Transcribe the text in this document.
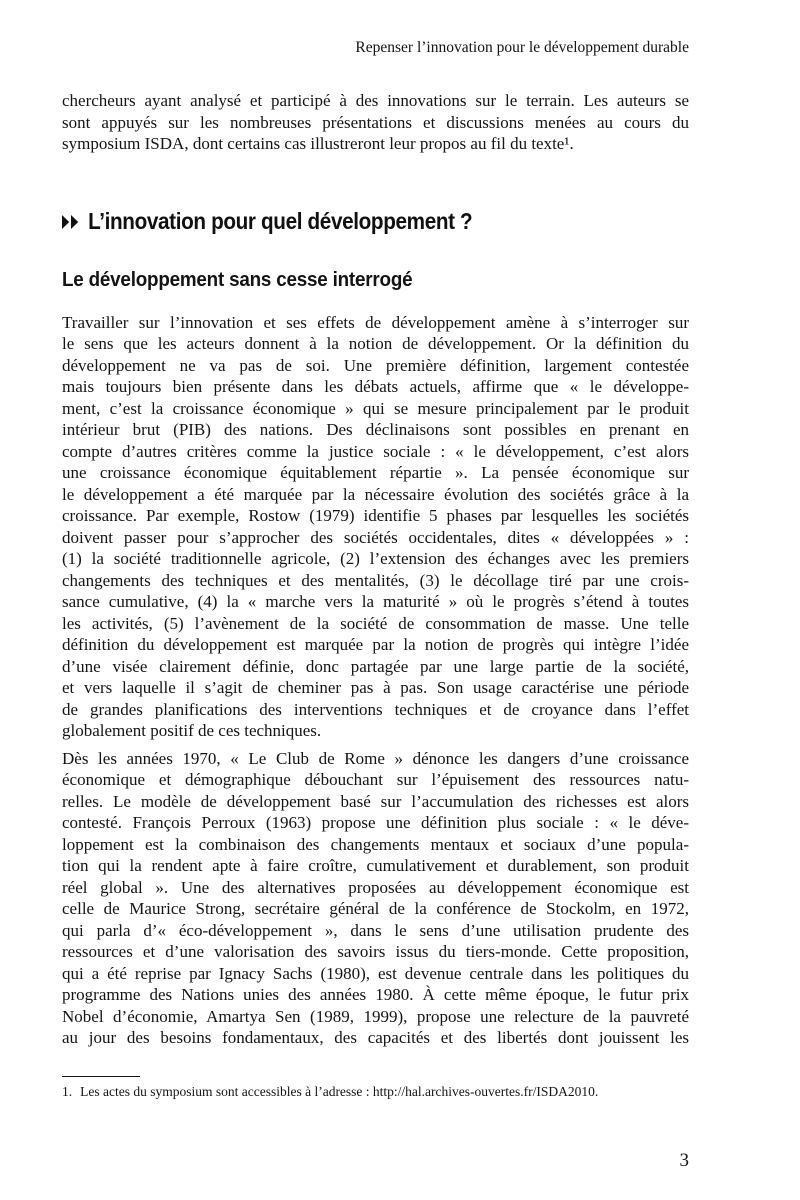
Repenser l’innovation pour le développement durable

chercheurs ayant analysé et participé à des innovations sur le terrain. Les auteurs se
sont appuyés sur les nombreuses présentations et discussions menées au cours du
symposium ISDA, dont certains cas illustreront leur propos au fil du texte¹.

L’innovation pour quel développement ?
Le développement sans cesse interrogé

Travailler sur l’innovation et ses effets de développement amène à s’interroger sur
le sens que les acteurs donnent à la notion de développement. Or la définition du
développement ne va pas de soi. Une première définition, largement contestée
mais toujours bien présente dans les débats actuels, affirme que « le développe-
ment, c’est la croissance économique » qui se mesure principalement par le produit
intérieur brut (PIB) des nations. Des déclinaisons sont possibles en prenant en
compte d’autres critères comme la justice sociale : « le développement, c’est alors
une croissance économique équitablement répartie ». La pensée économique sur
le développement a été marquée par la nécessaire évolution des sociétés grâce à la
croissance. Par exemple, Rostow (1979) identifie 5 phases par lesquelles les sociétés
doivent passer pour s’approcher des sociétés occidentales, dites « développées » :
(1) la société traditionnelle agricole, (2) l’extension des échanges avec les premiers
changements des techniques et des mentalités, (3) le décollage tiré par une crois-
sance cumulative, (4) la « marche vers la maturité » où le progrès s’étend à toutes
les activités, (5) l’avènement de la société de consommation de masse. Une telle
définition du développement est marquée par la notion de progrès qui intègre l’idée
d’une visée clairement définie, donc partagée par une large partie de la société,
et vers laquelle il s’agit de cheminer pas à pas. Son usage caractérise une période
de grandes planifications des interventions techniques et de croyance dans l’effet
globalement positif de ces techniques.

Dès les années 1970, « Le Club de Rome » dénonce les dangers d’une croissance
économique et démographique débouchant sur l’épuisement des ressources natu-
relles. Le modèle de développement basé sur l’accumulation des richesses est alors
contesté. François Perroux (1963) propose une définition plus sociale : « le déve-
loppement est la combinaison des changements mentaux et sociaux d’une popula-
tion qui la rendent apte à faire croître, cumulativement et durablement, son produit
réel global ». Une des alternatives proposées au développement économique est
celle de Maurice Strong, secrétaire général de la conférence de Stockolm, en 1972,
qui parla d’« éco-développement », dans le sens d’une utilisation prudente des
ressources et d’une valorisation des savoirs issus du tiers-monde. Cette proposition,
qui a été reprise par Ignacy Sachs (1980), est devenue centrale dans les politiques du
programme des Nations unies des années 1980. À cette même époque, le futur prix
Nobel d’économie, Amartya Sen (1989, 1999), propose une relecture de la pauvreté
au jour des besoins fondamentaux, des capacités et des libertés dont jouissent les

1. Les actes du symposium sont accessibles à l’adresse : http://hal.archives-ouvertes.fr/ISDA2010.
3
